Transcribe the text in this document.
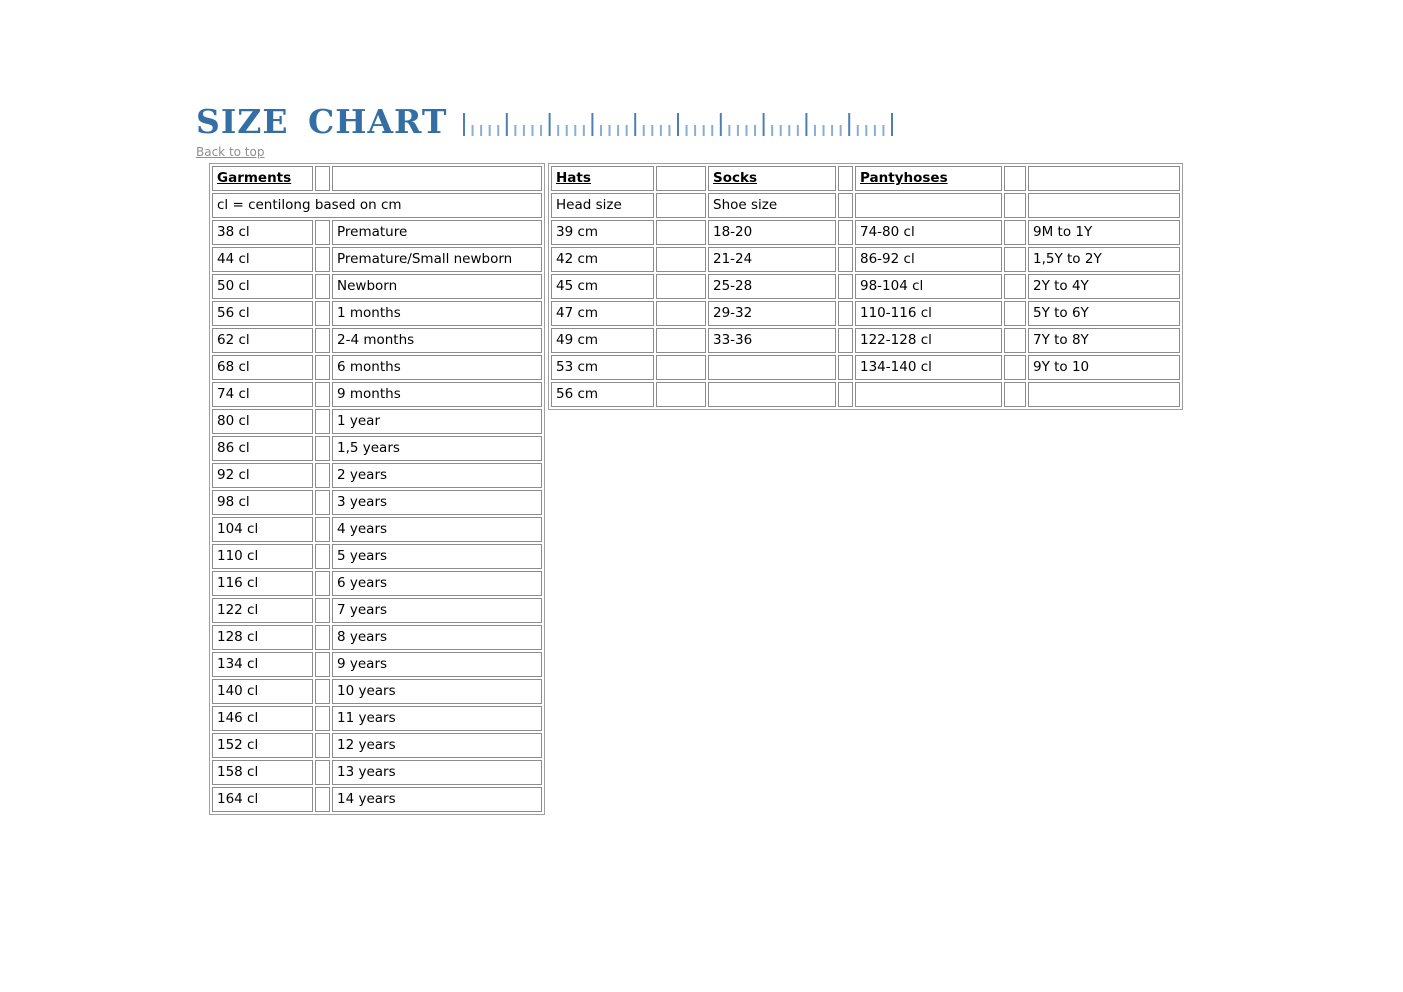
SIZE CHART
Back to top
Garments		
cl = centilong based on cm		
38 cl		Premature
44 cl		Premature/Small newborn
50 cl		Newborn
56 cl		1 months
62 cl		2-4 months
68 cl		6 months
74 cl		9 months
80 cl		1 year
86 cl		1,5 years
92 cl		2 years
98 cl		3 years
104 cl		4 years
110 cl		5 years
116 cl		6 years
122 cl		7 years
128 cl		8 years
134 cl		9 years
140 cl		10 years
146 cl		11 years
152 cl		12 years
158 cl		13 years
164 cl		14 years
Hats		Socks		Pantyhoses		
Head size		Shoe size				
39 cm		18-20		74-80 cl		9M to 1Y
42 cm		21-24		86-92 cl		1,5Y to 2Y
45 cm		25-28		98-104 cl		2Y to 4Y
47 cm		29-32		110-116 cl		5Y to 6Y
49 cm		33-36		122-128 cl		7Y to 8Y
53 cm				134-140 cl		9Y to 10
56 cm						
